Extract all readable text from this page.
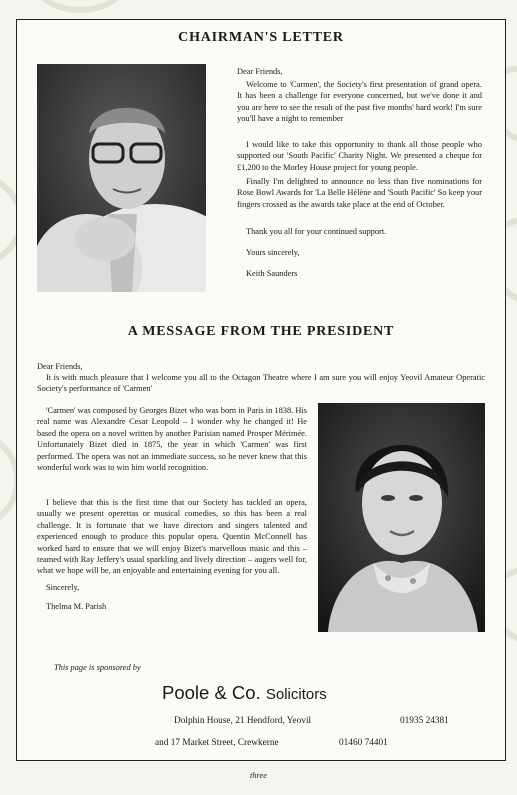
CHAIRMAN'S LETTER
Dear Friends,

Welcome to 'Carmen', the Society's first presentation of grand opera. It has been a challenge for everyone concerned, but we've done it and you are here to see the result of the past five months' hard work! I'm sure you'll have a night to remember

I would like to take this opportunity to thank all those people who supported our 'South Pacific' Charity Night. We presented a cheque for £1,200 to the Morley House project for young people.

Finally I'm delighted to announce no less than five nominations for Rose Bowl Awards for 'La Belle Hélène and 'South Pacific' So keep your fingers crossed as the awards take place at the end of October.

Thank you all for your continued support.
Yours sincerely,
Keith Saunders
A MESSAGE FROM THE PRESIDENT
Dear Friends,

It is with much pleasure that I welcome you all to the Octagon Theatre where I am sure you will enjoy Yeovil Amateur Operatic Society's performance of 'Carmen'

'Carmen' was composed by Georges Bizet who was born in Paris in 1838. His real name was Alexandre Cesar Leopold – I wonder why he changed it! He based the opera on a novel written by another Parisian named Prosper Mérimée. Unfortunately Bizet died in 1875, the year in which 'Carmen' was first performed. The opera was not an immediate success, so he never knew that this wonderful work was to win him world recognition.

I believe that this is the first time that our Society has tackled an opera, usually we present operettas or musical comedies, so this has been a real challenge. It is fortunate that we have directors and singers talented and experienced enough to produce this popular opera. Quentin McConnell has worked hard to ensure that we will enjoy Bizet's marvellous music and this – teamed with Ray Jeffery's usual sparkling and lively direction – augers well for, what we hope will be, an enjoyable and entertaining evening for you all.

Sincerely,
Thelma M. Parish
This page is sponsored by
Poole & Co. Solicitors
Dolphin House, 21 Hendford, Yeovil	01935 24381
and 17 Market Street, Crewkerne	01460 74401
three
